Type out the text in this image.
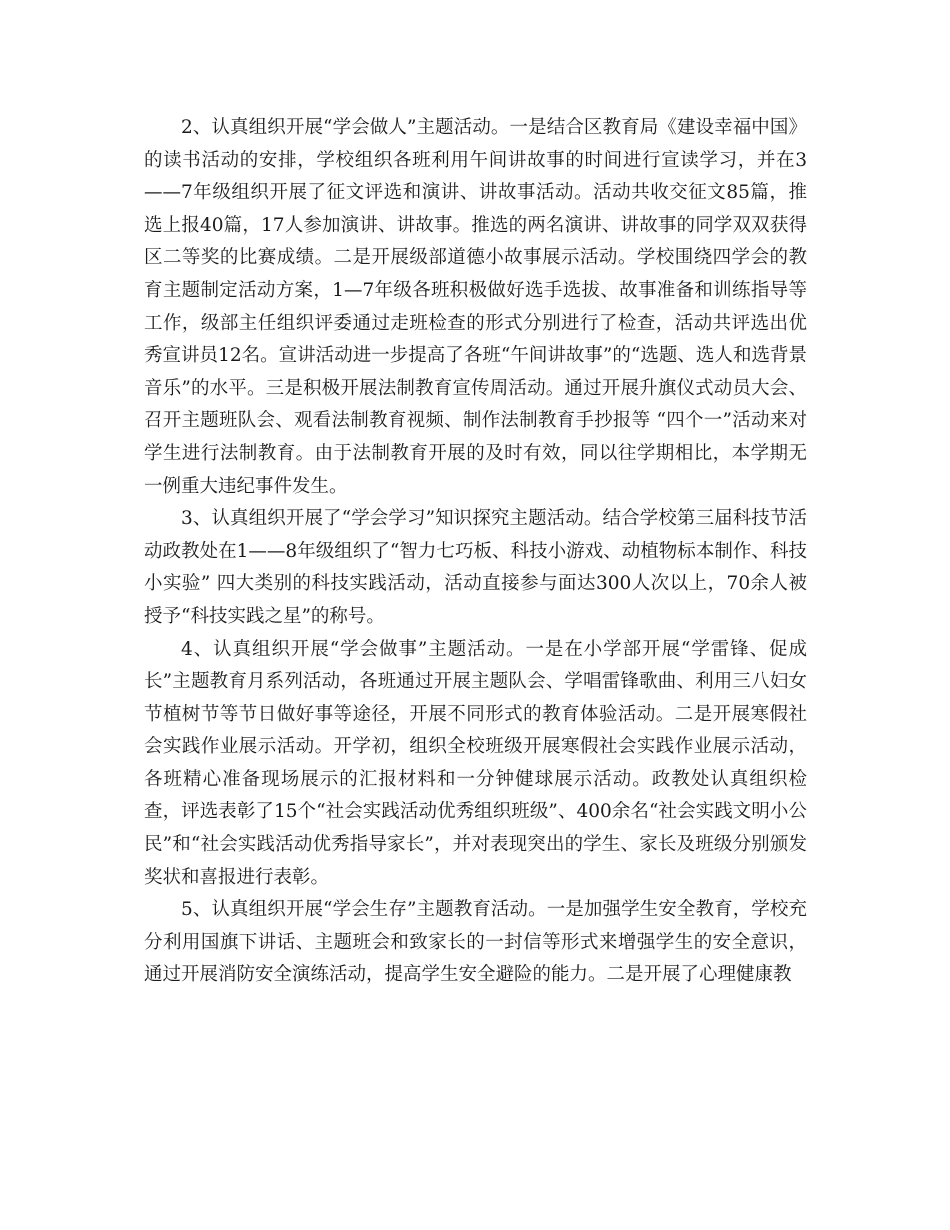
2、认真组织开展“学会做人”主题活动。一是结合区教育局《建设幸福中国》的读书活动的安排，学校组织各班利用午间讲故事的时间进行宣读学习，并在3——7年级组织开展了征文评选和演讲、讲故事活动。活动共收交征文85篇，推选上报40篇，17人参加演讲、讲故事。推选的两名演讲、讲故事的同学双双获得区二等奖的比赛成绩。二是开展级部道德小故事展示活动。学校围绕四学会的教育主题制定活动方案，1—7年级各班积极做好选手选拔、故事准备和训练指导等工作，级部主任组织评委通过走班检查的形式分别进行了检查，活动共评选出优秀宣讲员12名。宣讲活动进一步提高了各班“午间讲故事”的“选题、选人和选背景音乐”的水平。三是积极开展法制教育宣传周活动。通过开展升旗仪式动员大会、召开主题班队会、观看法制教育视频、制作法制教育手抄报等 “四个一”活动来对学生进行法制教育。由于法制教育开展的及时有效，同以往学期相比，本学期无一例重大违纪事件发生。

3、认真组织开展了“学会学习”知识探究主题活动。结合学校第三届科技节活动政教处在1——8年级组织了“智力七巧板、科技小游戏、动植物标本制作、科技小实验” 四大类别的科技实践活动，活动直接参与面达300人次以上，70余人被授予“科技实践之星”的称号。

4、认真组织开展“学会做事”主题活动。一是在小学部开展“学雷锋、促成长”主题教育月系列活动，各班通过开展主题队会、学唱雷锋歌曲、利用三八妇女节植树节等节日做好事等途径，开展不同形式的教育体验活动。二是开展寒假社会实践作业展示活动。开学初，组织全校班级开展寒假社会实践作业展示活动，各班精心准备现场展示的汇报材料和一分钟健球展示活动。政教处认真组织检查，评选表彰了15个“社会实践活动优秀组织班级”、400余名“社会实践文明小公民”和“社会实践活动优秀指导家长”，并对表现突出的学生、家长及班级分别颁发奖状和喜报进行表彰。

5、认真组织开展“学会生存”主题教育活动。一是加强学生安全教育，学校充分利用国旗下讲话、主题班会和致家长的一封信等形式来增强学生的安全意识，通过开展消防安全演练活动，提高学生安全避险的能力。二是开展了心理健康教
